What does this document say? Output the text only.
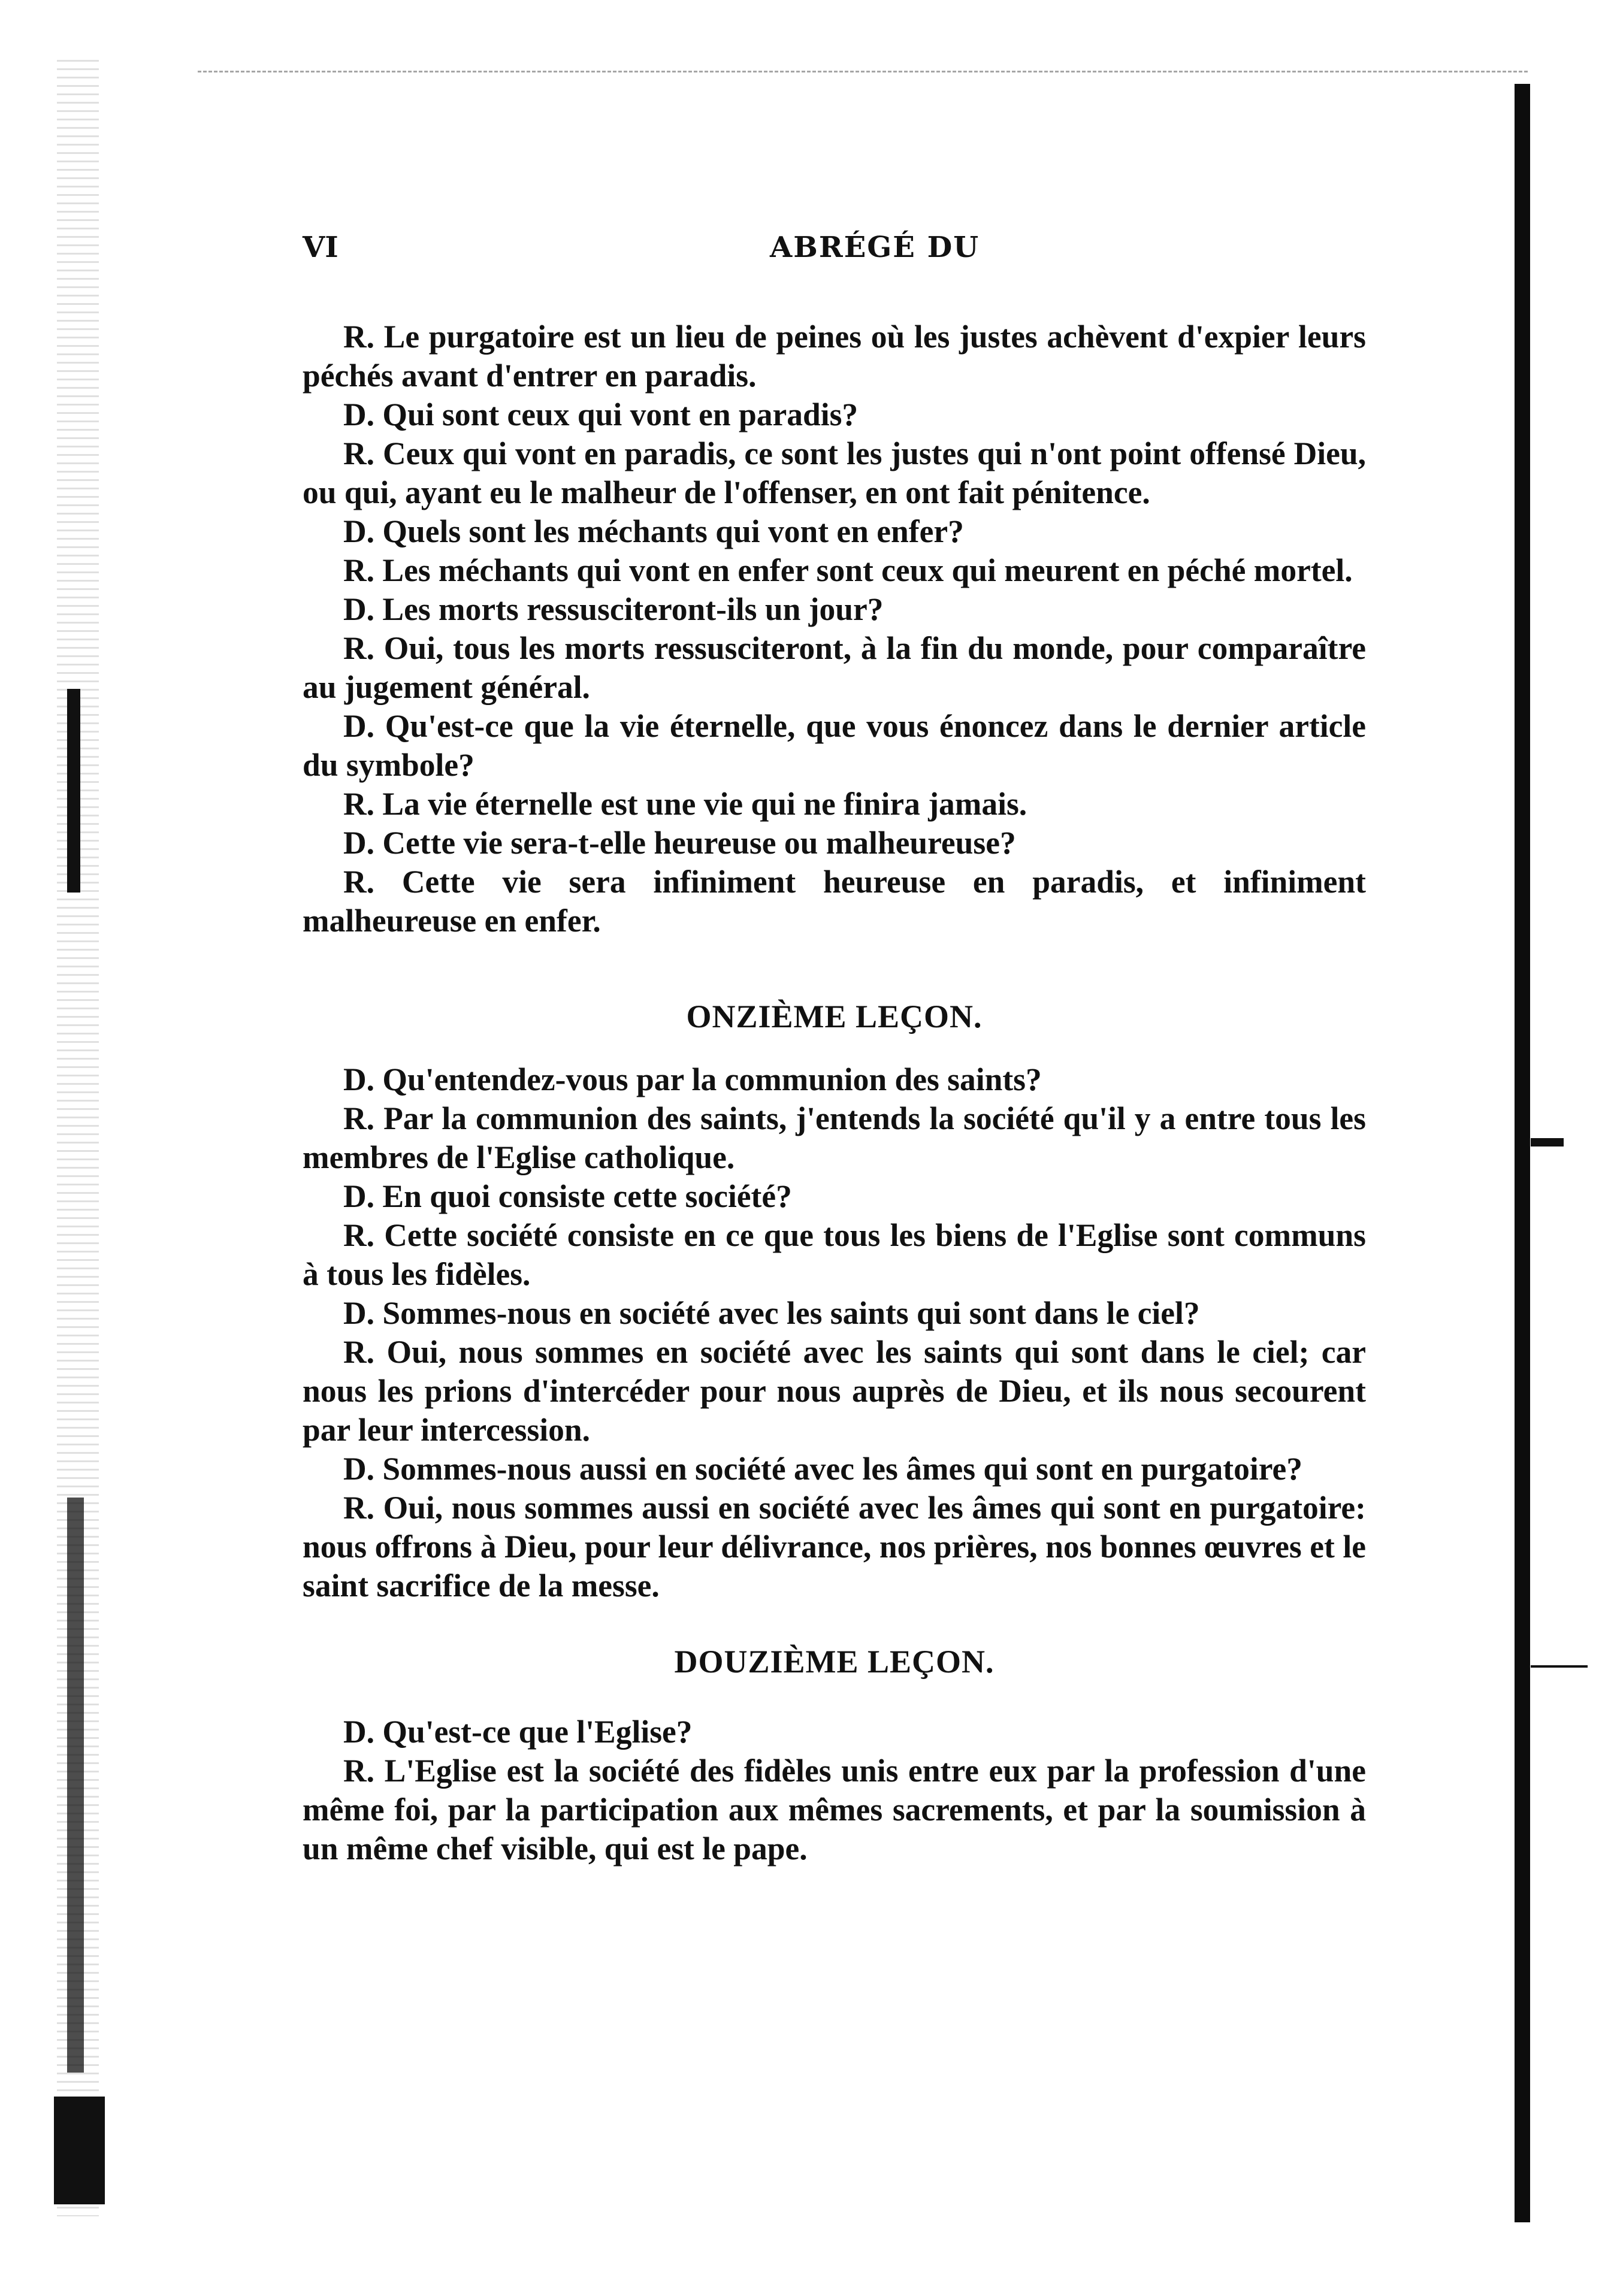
VI	ABRÉGÉ DU

R. Le purgatoire est un lieu de peines où les justes achèvent d'expier leurs péchés avant d'entrer en paradis.

D. Qui sont ceux qui vont en paradis?

R. Ceux qui vont en paradis, ce sont les justes qui n'ont point offensé Dieu, ou qui, ayant eu le malheur de l'offenser, en ont fait pénitence.

D. Quels sont les méchants qui vont en enfer?

R. Les méchants qui vont en enfer sont ceux qui meurent en péché mortel.

D. Les morts ressusciteront-ils un jour?

R. Oui, tous les morts ressusciteront, à la fin du monde, pour comparaître au jugement général.

D. Qu'est-ce que la vie éternelle, que vous énoncez dans le dernier article du symbole?

R. La vie éternelle est une vie qui ne finira jamais.

D. Cette vie sera-t-elle heureuse ou malheureuse?

R. Cette vie sera infiniment heureuse en paradis, et infiniment malheureuse en enfer.

ONZIÈME LEÇON.

D. Qu'entendez-vous par la communion des saints?

R. Par la communion des saints, j'entends la société qu'il y a entre tous les membres de l'Eglise catholique.

D. En quoi consiste cette société?

R. Cette société consiste en ce que tous les biens de l'Eglise sont communs à tous les fidèles.

D. Sommes-nous en société avec les saints qui sont dans le ciel?

R. Oui, nous sommes en société avec les saints qui sont dans le ciel; car nous les prions d'intercéder pour nous auprès de Dieu, et ils nous secourent par leur intercession.

D. Sommes-nous aussi en société avec les âmes qui sont en purgatoire?

R. Oui, nous sommes aussi en société avec les âmes qui sont en purgatoire: nous offrons à Dieu, pour leur délivrance, nos prières, nos bonnes œuvres et le saint sacrifice de la messe.

DOUZIÈME LEÇON.

D. Qu'est-ce que l'Eglise?

R. L'Eglise est la société des fidèles unis entre eux par la profession d'une même foi, par la participation aux mêmes sacrements, et par la soumission à un même chef visible, qui est le pape.
